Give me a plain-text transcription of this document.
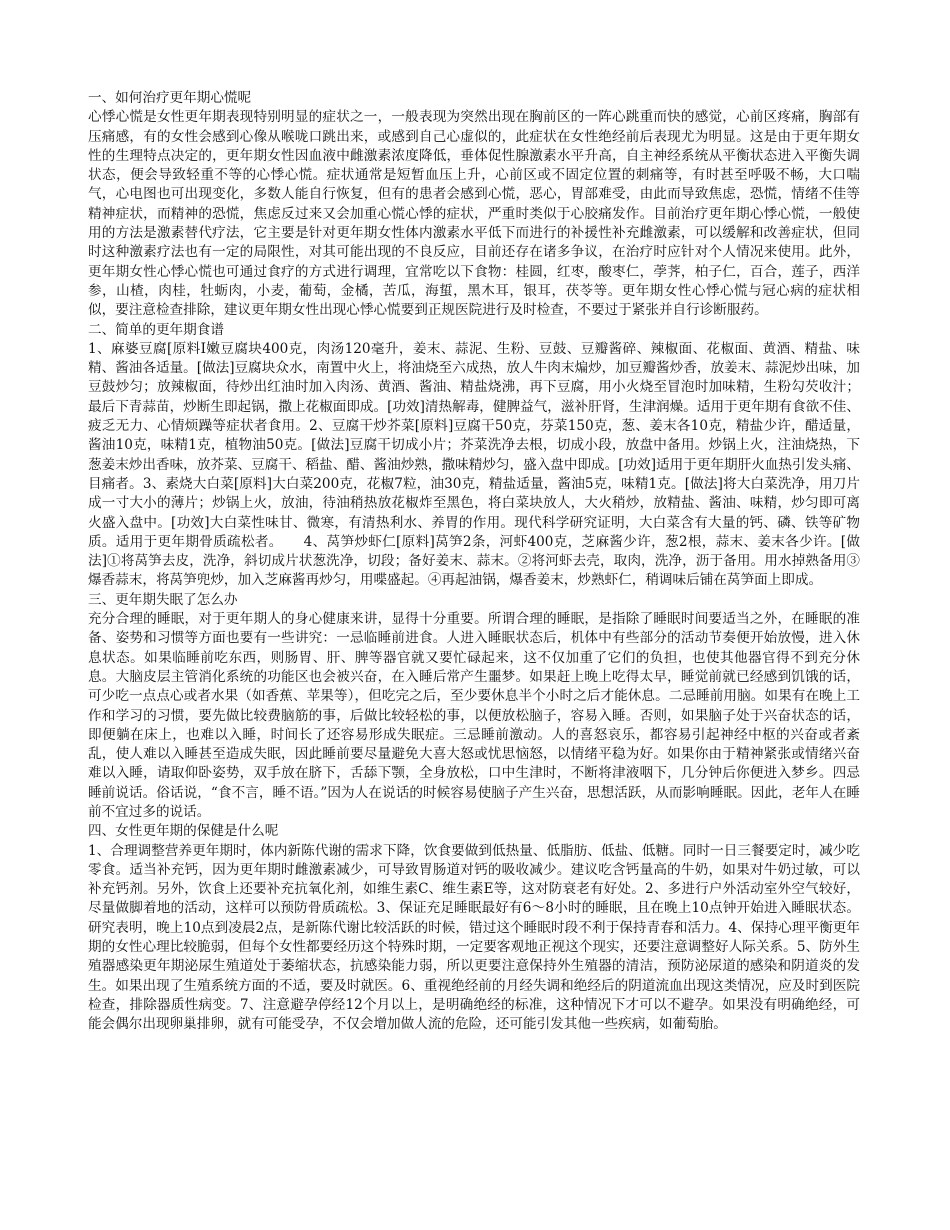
一、如何治疗更年期心慌呢

心悸心慌是女性更年期表现特别明显的症状之一，一般表现为突然出现在胸前区的一阵心跳重而快的感觉，心前区疼痛，胸部有压痛感，有的女性会感到心像从喉咙口跳出来，或感到自己心虚似的，此症状在女性绝经前后表现尤为明显。这是由于更年期女性的生理特点决定的，更年期女性因血液中雌激素浓度降低，垂体促性腺激素水平升高，自主神经系统从平衡状态进入平衡失调状态，便会导致轻重不等的心悸心慌。症状通常是短暂血压上升，心前区或不固定位置的刺痛等，有时甚至呼吸不畅，大口喘气，心电图也可出现变化，多数人能自行恢复，但有的患者会感到心慌，恶心，胃部难受，由此而导致焦虑，恐慌，情绪不佳等精神症状，而精神的恐慌，焦虑反过来又会加重心慌心悸的症状，严重时类似于心胶痛发作。目前治疗更年期心悸心慌，一般使用的方法是激素替代疗法，它主要是针对更年期女性体内激素水平低下而进行的补援性补充雌激素，可以缓解和改善症状，但同时这种激素疗法也有一定的局限性，对其可能出现的不良反应，目前还存在诸多争议，在治疗时应针对个人情况来使用。此外，更年期女性心悸心慌也可通过食疗的方式进行调理，宜常吃以下食物：桂圆，红枣，酸枣仁，荸荠，柏子仁，百合，莲子，西洋参，山楂，肉桂，牡蛎肉，小麦，葡萄，金橘，苦瓜，海蜇，黑木耳，银耳，茯苓等。更年期女性心悸心慌与冠心病的症状相似，要注意检查排除，建议更年期女性出现心悸心慌要到正规医院进行及时检查，不要过于紧张并自行诊断服药。

二、简单的更年期食谱

1、麻婆豆腐[原料I嫩豆腐块400克，肉汤120毫升，姜末、蒜泥、生粉、豆鼓、豆瓣酱碎、辣椒面、花椒面、黄酒、精盐、味精、酱油各适量。[做法]豆腐块众水，南置中火上，将油烧至六成热，放人牛肉末煸炒，加豆瓣酱炒香，放姜末、蒜泥炒出味，加豆鼓炒匀；放辣椒面，待炒出红油时加入肉汤、黄酒、酱油、精盐烧沸，再下豆腐，用小火烧至冒泡时加味精，生粉勾芡收汁；最后下青蒜苗，炒断生即起锅，撒上花椒面即成。[功效]清热解毒，健脾益气，滋补肝肾，生津润燥。适用于更年期有食欲不佳、疲乏无力、心情烦躁等症状者食用。2、豆腐干炒芥菜[原料]豆腐干50克，芬菜150克，葱、姜末各10克，精盐少许，醋适量，酱油10克，味精1克，植物油50克。[做法]豆腐干切成小片；芥菜洗净去根，切成小段，放盘中备用。炒锅上火，注油烧热，下葱姜末炒出香味，放芥菜、豆腐干、稻盐、醋、酱油炒熟，撒味精炒匀，盛入盘中即成。[功效]适用于更年期肝火血热引发头痛、目痛者。3、素烧大白菜[原料]大白菜200克，花椒7粒，油30克，精盐适量，酱油5克，味精1克。[做法]将大白菜洗净，用刀片成一寸大小的薄片；炒锅上火，放油，待油稍热放花椒炸至黑色，将白菜块放人，大火稍炒，放精盐、酱油、味精，炒匀即可离火盛入盘中。[功效]大白菜性味甘、微寒，有清热利水、养胃的作用。现代科学研究证明，大白菜含有大量的钙、磷、铁等矿物质。适用于更年期骨质疏松者。　　4、莴笋炒虾仁[原料]莴笋2条，河虾400克，芝麻酱少许，葱2根，蒜末、姜末各少许。[做法]①将莴笋去皮，洗净，斜切成片状葱洗净，切段；备好姜末、蒜末。②将河虾去壳，取肉，洗净，沥于备用。用水掉熟备用③爆香蒜末，将莴笋兜炒，加入芝麻酱再炒匀，用喋盛起。④再起油锅，爆香姜末，炒熟虾仁，稍调味后铺在莴笋面上即成。

三、更年期失眠了怎么办

充分合理的睡眠，对于更年期人的身心健康来讲，显得十分重要。所谓合理的睡眠，是指除了睡眠时间要适当之外，在睡眠的准备、姿势和习惯等方面也要有一些讲究：一忌临睡前进食。人进入睡眠状态后，机体中有些部分的活动节奏便开始放慢，进入休息状态。如果临睡前吃东西，则肠胃、肝、脾等器官就又要忙碌起来，这不仅加重了它们的负担，也使其他器官得不到充分休息。大脑皮层主管消化系统的功能区也会被兴奋，在入睡后常产生噩梦。如果赶上晚上吃得太早，睡觉前就已经感到饥饿的话，可少吃一点点心或者水果（如香蕉、苹果等），但吃完之后，至少要休息半个小时之后才能休息。二忌睡前用脑。如果有在晚上工作和学习的习惯，要先做比较费脑筋的事，后做比较轻松的事，以便放松脑子，容易入睡。否则，如果脑子处于兴奋状态的话，即便躺在床上，也难以入睡，时间长了还容易形成失眠症。三忌睡前激动。人的喜怒哀乐，都容易引起神经中枢的兴奋或者紊乱，使人难以入睡甚至造成失眠，因此睡前要尽量避免大喜大怒或忧思恼怒，以情绪平稳为好。如果你由于精神紧张或情绪兴奋难以入睡，请取仰卧姿势，双手放在脐下，舌舔下颚，全身放松，口中生津时，不断将津液咽下，几分钟后你便进入梦乡。四忌睡前说话。俗话说，“食不言，睡不语。”因为人在说话的时候容易使脑子产生兴奋，思想活跃，从而影响睡眠。因此，老年人在睡前不宜过多的说话。

四、女性更年期的保健是什么呢

1、合理调整营养更年期时，体内新陈代谢的需求下降，饮食要做到低热量、低脂肪、低盐、低糖。同时一日三餐要定时，减少吃零食。适当补充钙，因为更年期时雌激素减少，可导致胃肠道对钙的吸收减少。建议吃含钙量高的牛奶，如果对牛奶过敏，可以补充钙剂。另外，饮食上还要补充抗氧化剂，如维生素C、维生素E等，这对防衰老有好处。2、多进行户外活动室外空气较好，尽量做脚着地的活动，这样可以预防骨质疏松。3、保证充足睡眠最好有6～8小时的睡眠，且在晚上10点钟开始进入睡眠状态。研究表明，晚上10点到凌晨2点，是新陈代谢比较活跃的时候，错过这个睡眠时段不利于保持青春和活力。4、保持心理平衡更年期的女性心理比较脆弱，但每个女性都要经历这个特殊时期，一定要客观地正视这个现实，还要注意调整好人际关系。5、防外生殖器感染更年期泌尿生殖道处于萎缩状态，抗感染能力弱，所以更要注意保持外生殖器的清洁，预防泌尿道的感染和阴道炎的发生。如果出现了生殖系统方面的不适，要及时就医。6、重视绝经前的月经失调和绝经后的阴道流血出现这类情况，应及时到医院检查，排除器质性病变。7、注意避孕停经12个月以上，是明确绝经的标准，这种情况下才可以不避孕。如果没有明确绝经，可能会偶尔出现卵巢排卵，就有可能受孕，不仅会增加做人流的危险，还可能引发其他一些疾病，如葡萄胎。
